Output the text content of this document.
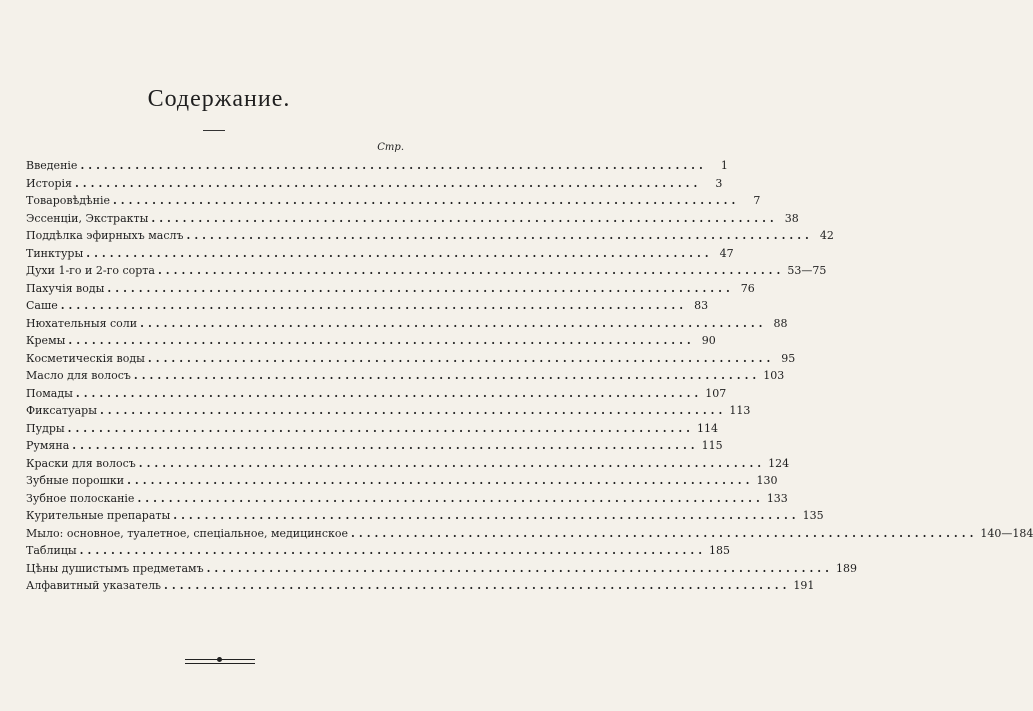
Содержание.
Стр.
Введеніе ................................................................................	1
Исторія ................................................................................	3
Товаровѣдѣніе ................................................................................	7
Эссенціи, Экстракты ................................................................................ 38
Поддѣлка эфирныхъ маслъ ................................................................................ 42
Тинктуры ................................................................................ 47
Духи 1-го и 2-го сорта ................................................................................ 53—75
Пахучія воды ................................................................................ 76
Саше ................................................................................ 83
Нюхательныя соли ................................................................................ 88
Кремы ................................................................................ 90
Косметическія воды ................................................................................ 95
Масло для волосъ ................................................................................ 103
Помады ................................................................................ 107
Фиксатуары ................................................................................ 113
Пудры ................................................................................ 114
Румяна ................................................................................ 115
Краски для волосъ ................................................................................ 124
Зубные порошки ................................................................................ 130
Зубное полосканіе ................................................................................ 133
Курительные препараты ................................................................................ 135
Мыло: основное, туалетное, спеціальное, медицинское ................................................................................ 140—184
Таблицы ................................................................................ 185
Цѣны душистымъ предметамъ ................................................................................ 189
Алфавитный указатель ................................................................................ 191
